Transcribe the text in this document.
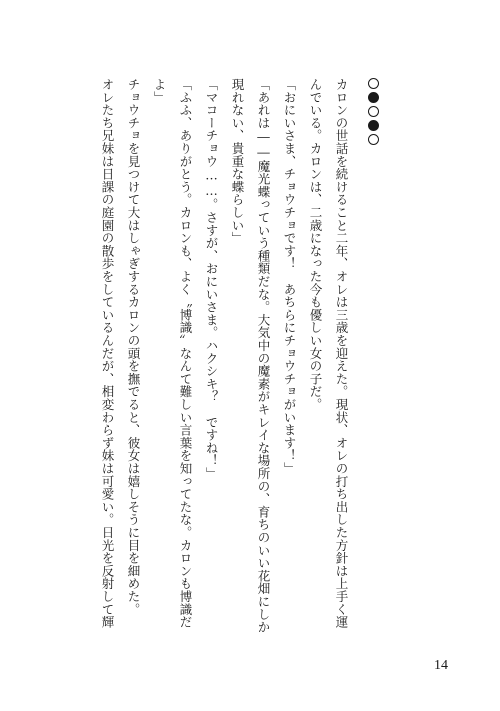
カロンの世話を続けること二年、オレは三歳を迎えた。現状、オレの打ち出した方針は上手く運
んでいる。カロンは、二歳になった今も優しい女の子だ。
「おにいさま、チョウチョです！　あちらにチョウチョがいます！」
「あれは――魔光蝶っていう種類だな。大気中の魔素がキレイな場所の、育ちのいい花畑にしか
現れない、貴重な蝶らしい」
「マコーチョウ……。さすが、おにいさま。ハクシキ？　ですね！」
「ふふ、ありがとう。カロンも、よく〝博識〟なんて難しい言葉を知ってたな。カロンも博識だ
よ」
チョウチョを見つけて大はしゃぎするカロンの頭を撫でると、彼女は嬉しそうに目を細めた。
オレたち兄妹は日課の庭園の散歩をしているんだが、相変わらず妹は可愛い。日光を反射して輝
14
